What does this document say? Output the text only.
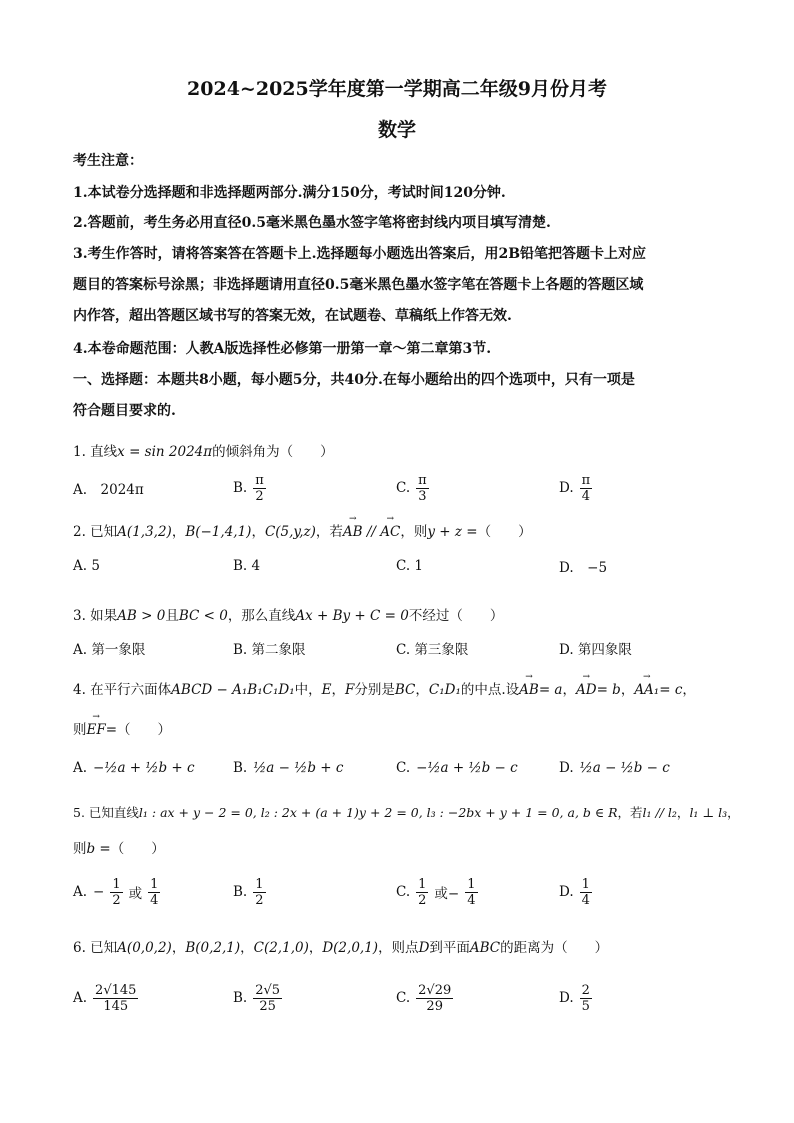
2024~2025学年度第一学期高二年级9月份月考
数学
考生注意：
1.本试卷分选择题和非选择题两部分.满分150分，考试时间120分钟.
2.答题前，考生务必用直径0.5毫米黑色墨水签字笔将密封线内项目填写清楚.
3.考生作答时，请将答案答在答题卡上.选择题每小题选出答案后，用2B铅笔把答题卡上对应
题目的答案标号涂黑；非选择题请用直径0.5毫米黑色墨水签字笔在答题卡上各题的答题区域
内作答，超出答题区域书写的答案无效，在试题卷、草稿纸上作答无效.
4.本卷命题范围：人教A版选择性必修第一册第一章～第二章第3节.
一、选择题：本题共8小题，每小题5分，共40分.在每小题给出的四个选项中，只有一项是
符合题目要求的.
1. 直线x = sin 2024π的倾斜角为（　　）
A.　2024π	B. $\frac{\pi}{2}$	C. $\frac{\pi}{3}$	D. $\frac{\pi}{4}$
2. 已知A(1,3,2)，B(−1,4,1)，C(5,y,z)，若→ AB // → AC，则y + z =（　　）
A. 5	B. 4	C. 1	D.　−5
3. 如果AB > 0且BC < 0，那么直线Ax + By + C = 0不经过（　　）
A. 第一象限	B. 第二象限	C. 第三象限	D. 第四象限
4. 在平行六面体ABCD − A₁B₁C₁D₁中，E，F分别是BC，C₁D₁的中点.设→ AB= a，→ AD= b，→ AA₁= c，
则→ EF=（　　）
A. −½a + ½b + c	B. ½a − ½b + c	C. −½a + ½b − c	D. ½a − ½b − c
5. 已知直线l₁ : ax + y − 2 = 0, l₂ : 2x + (a + 1)y + 2 = 0, l₃ : −2bx + y + 1 = 0, a, b ∈ R，若l₁ // l₂，l₁ ⊥ l₃，
则b =（　　）
A. − $\frac{1}{2}$ 或 $\frac{1}{4}$	B. $\frac{1}{2}$	C. $\frac{1}{2}$ 或− $\frac{1}{4}$	D. $\frac{1}{4}$
6. 已知A(0,0,2)，B(0,2,1)，C(2,1,0)，D(2,0,1)，则点D到平面ABC的距离为（　　）
A. $\frac{2√145}{145}$	B. $\frac{2√5}{25}$	C. $\frac{2√29}{29}$	D. $\frac{2}{5}$
